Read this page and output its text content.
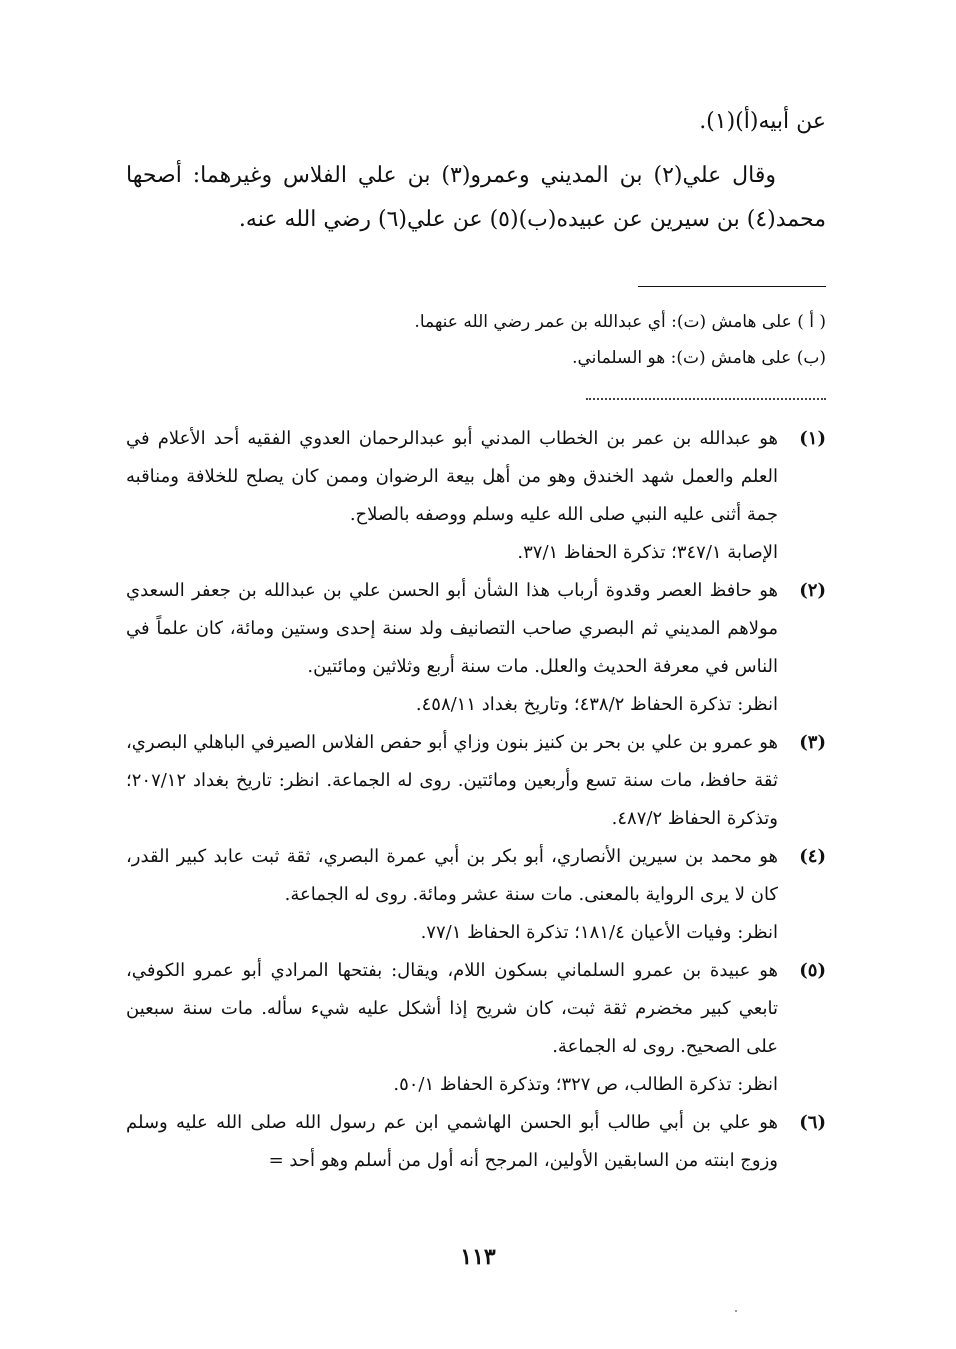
عن أبيه(أ)(١).

وقال علي(٢) بن المديني وعمرو(٣) بن علي الفلاس وغيرهما: أصحها محمد(٤) بن سيرين عن عبيده(ب)(٥) عن علي(٦) رضي الله عنه.

( أ ) على هامش (ت): أي عبدالله بن عمر رضي الله عنهما.

(ب) على هامش (ت): هو السلماني.

(١)

هو عبدالله بن عمر بن الخطاب المدني أبو عبدالرحمان العدوي الفقيه أحد الأعلام في العلم والعمل شهد الخندق وهو من أهل بيعة الرضوان وممن كان يصلح للخلافة ومناقبه جمة أثنى عليه النبي صلى الله عليه وسلم ووصفه بالصلاح.

الإصابة ٣٤٧/١؛ تذكرة الحفاظ ٣٧/١.

(٢)

هو حافظ العصر وقدوة أرباب هذا الشأن أبو الحسن علي بن عبدالله بن جعفر السعدي مولاهم المديني ثم البصري صاحب التصانيف ولد سنة إحدى وستين ومائة، كان علماً في الناس في معرفة الحديث والعلل. مات سنة أربع وثلاثين ومائتين.

انظر: تذكرة الحفاظ ٤٣٨/٢؛ وتاريخ بغداد ٤٥٨/١١.

(٣)

هو عمرو بن علي بن بحر بن كنيز بنون وزاي أبو حفص الفلاس الصيرفي الباهلي البصري، ثقة حافظ، مات سنة تسع وأربعين ومائتين. روى له الجماعة. انظر: تاريخ بغداد ٢٠٧/١٢؛ وتذكرة الحفاظ ٤٨٧/٢.

(٤)

هو محمد بن سيرين الأنصاري، أبو بكر بن أبي عمرة البصري، ثقة ثبت عابد كبير القدر، كان لا يرى الرواية بالمعنى. مات سنة عشر ومائة. روى له الجماعة.

انظر: وفيات الأعيان ١٨١/٤؛ تذكرة الحفاظ ٧٧/١.

(٥)

هو عبيدة بن عمرو السلماني بسكون اللام، ويقال: بفتحها المرادي أبو عمرو الكوفي، تابعي كبير مخضرم ثقة ثبت، كان شريح إذا أشكل عليه شيء سأله. مات سنة سبعين على الصحيح. روى له الجماعة.

انظر: تذكرة الطالب، ص ٣٢٧؛ وتذكرة الحفاظ ٥٠/١.

(٦)

هو علي بن أبي طالب أبو الحسن الهاشمي ابن عم رسول الله صلى الله عليه وسلم وزوج ابنته من السابقين الأولين، المرجح أنه أول من أسلم وهو أحد =

١١٣
